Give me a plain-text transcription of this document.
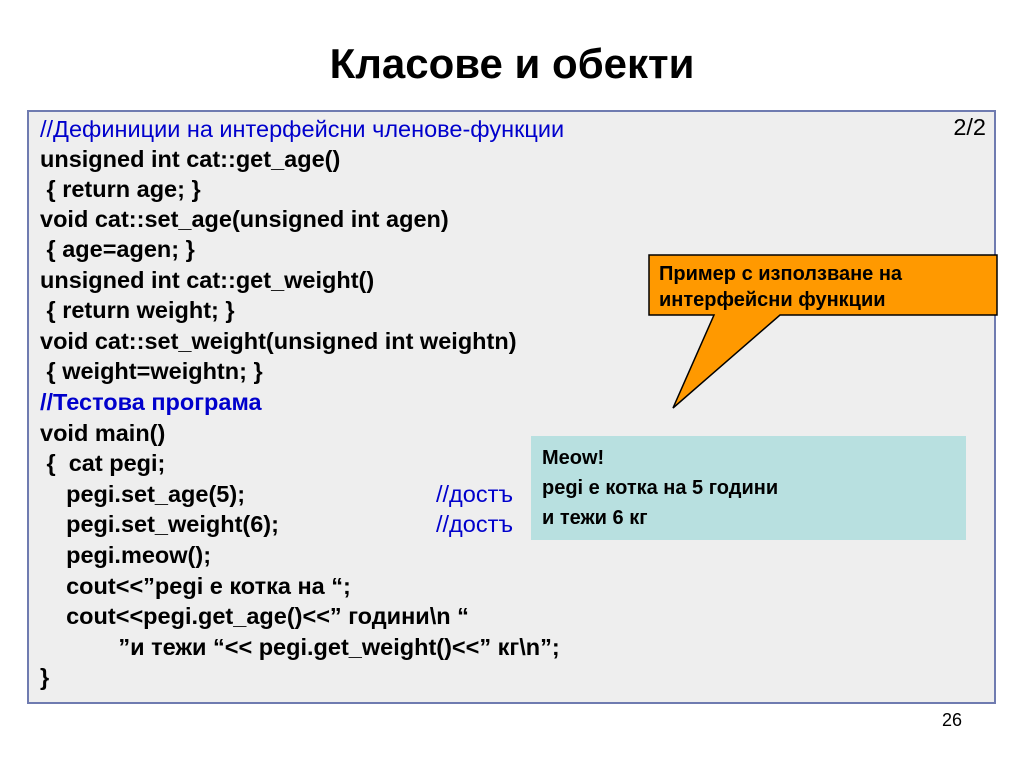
Класове и обекти
//Дефиниции на интерфейсни членове-функции	2/2
unsigned int cat::get_age()
{ return age; }
void cat::set_age(unsigned int agen)
{ age=agen; }
unsigned int cat::get_weight()
{ return weight; }
void cat::set_weight(unsigned int weightn)
{ weight=weightn; }
//Тестова програма
void main()
{  cat pegi;
pegi.set_age(5);
pegi.set_weight(6);
pegi.meow();
cout<<”pegi е котка на “;
cout<<pegi.get_age()<<” години\n “
”и тежи “<< pegi.get_weight()<<” кг\n”;
}
//достъ
//достъ
Пример с използване на
интерфейсни функции
Meow!
pegi е котка на 5 години
и тежи 6 кг
26
